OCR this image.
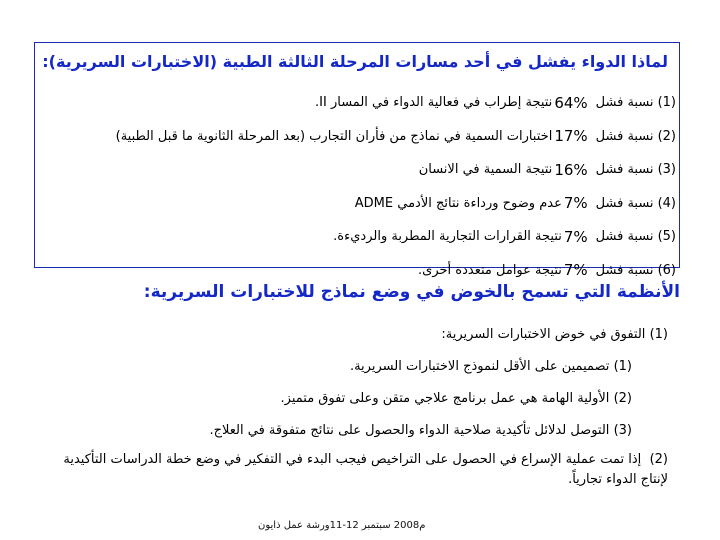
لماذا الدواء يفشل في أحد مسارات المرحلة الثالثة الطبية (الاختبارات السريرية):
(1)
نسبة فشل
64%
نتيجة إطراب في فعالية الدواء في المسار II.
(2)
نسبة فشل
17%
اختبارات السمية في نماذج من فأران التجارب (بعد المرحلة الثانوية ما قبل الطبية)
(3)
نسبة فشل
16%
نتيجة السمية في الانسان
(4)
نسبة فشل
7%
عدم وضوح ورداءة نتائج الأدمي ADME
(5)
نسبة فشل
7%
نتيجة القرارات التجارية المطربة والرديءة.
(6)
نسبة فشل
7%
نتيجة عوامل متعددة أخرى.
الأنظمة التي تسمح بالخوض في وضع نماذج للاختبارات السريرية:
(1)

التفوق في خوض الاختبارات السريرية:
(1)

تصميمين على الأقل لنموذج الاختبارات السريرية.
(2)

الأولية الهامة هي عمل برنامج علاجي متقن وعلى تفوق متميز.
(3)

التوصل لدلائل تأكيدية صلاحية الدواء والحصول على نتائج متفوقة في العلاج.
(2)  إذا تمت عملية الإسراع في الحصول على التراخيص فيجب البدء في التفكير في وضع خطة الدراسات التأكيدية لإنتاج الدواء تجارياً.
م2008 سبتمبر 12-11ورشة عمل ذايون
